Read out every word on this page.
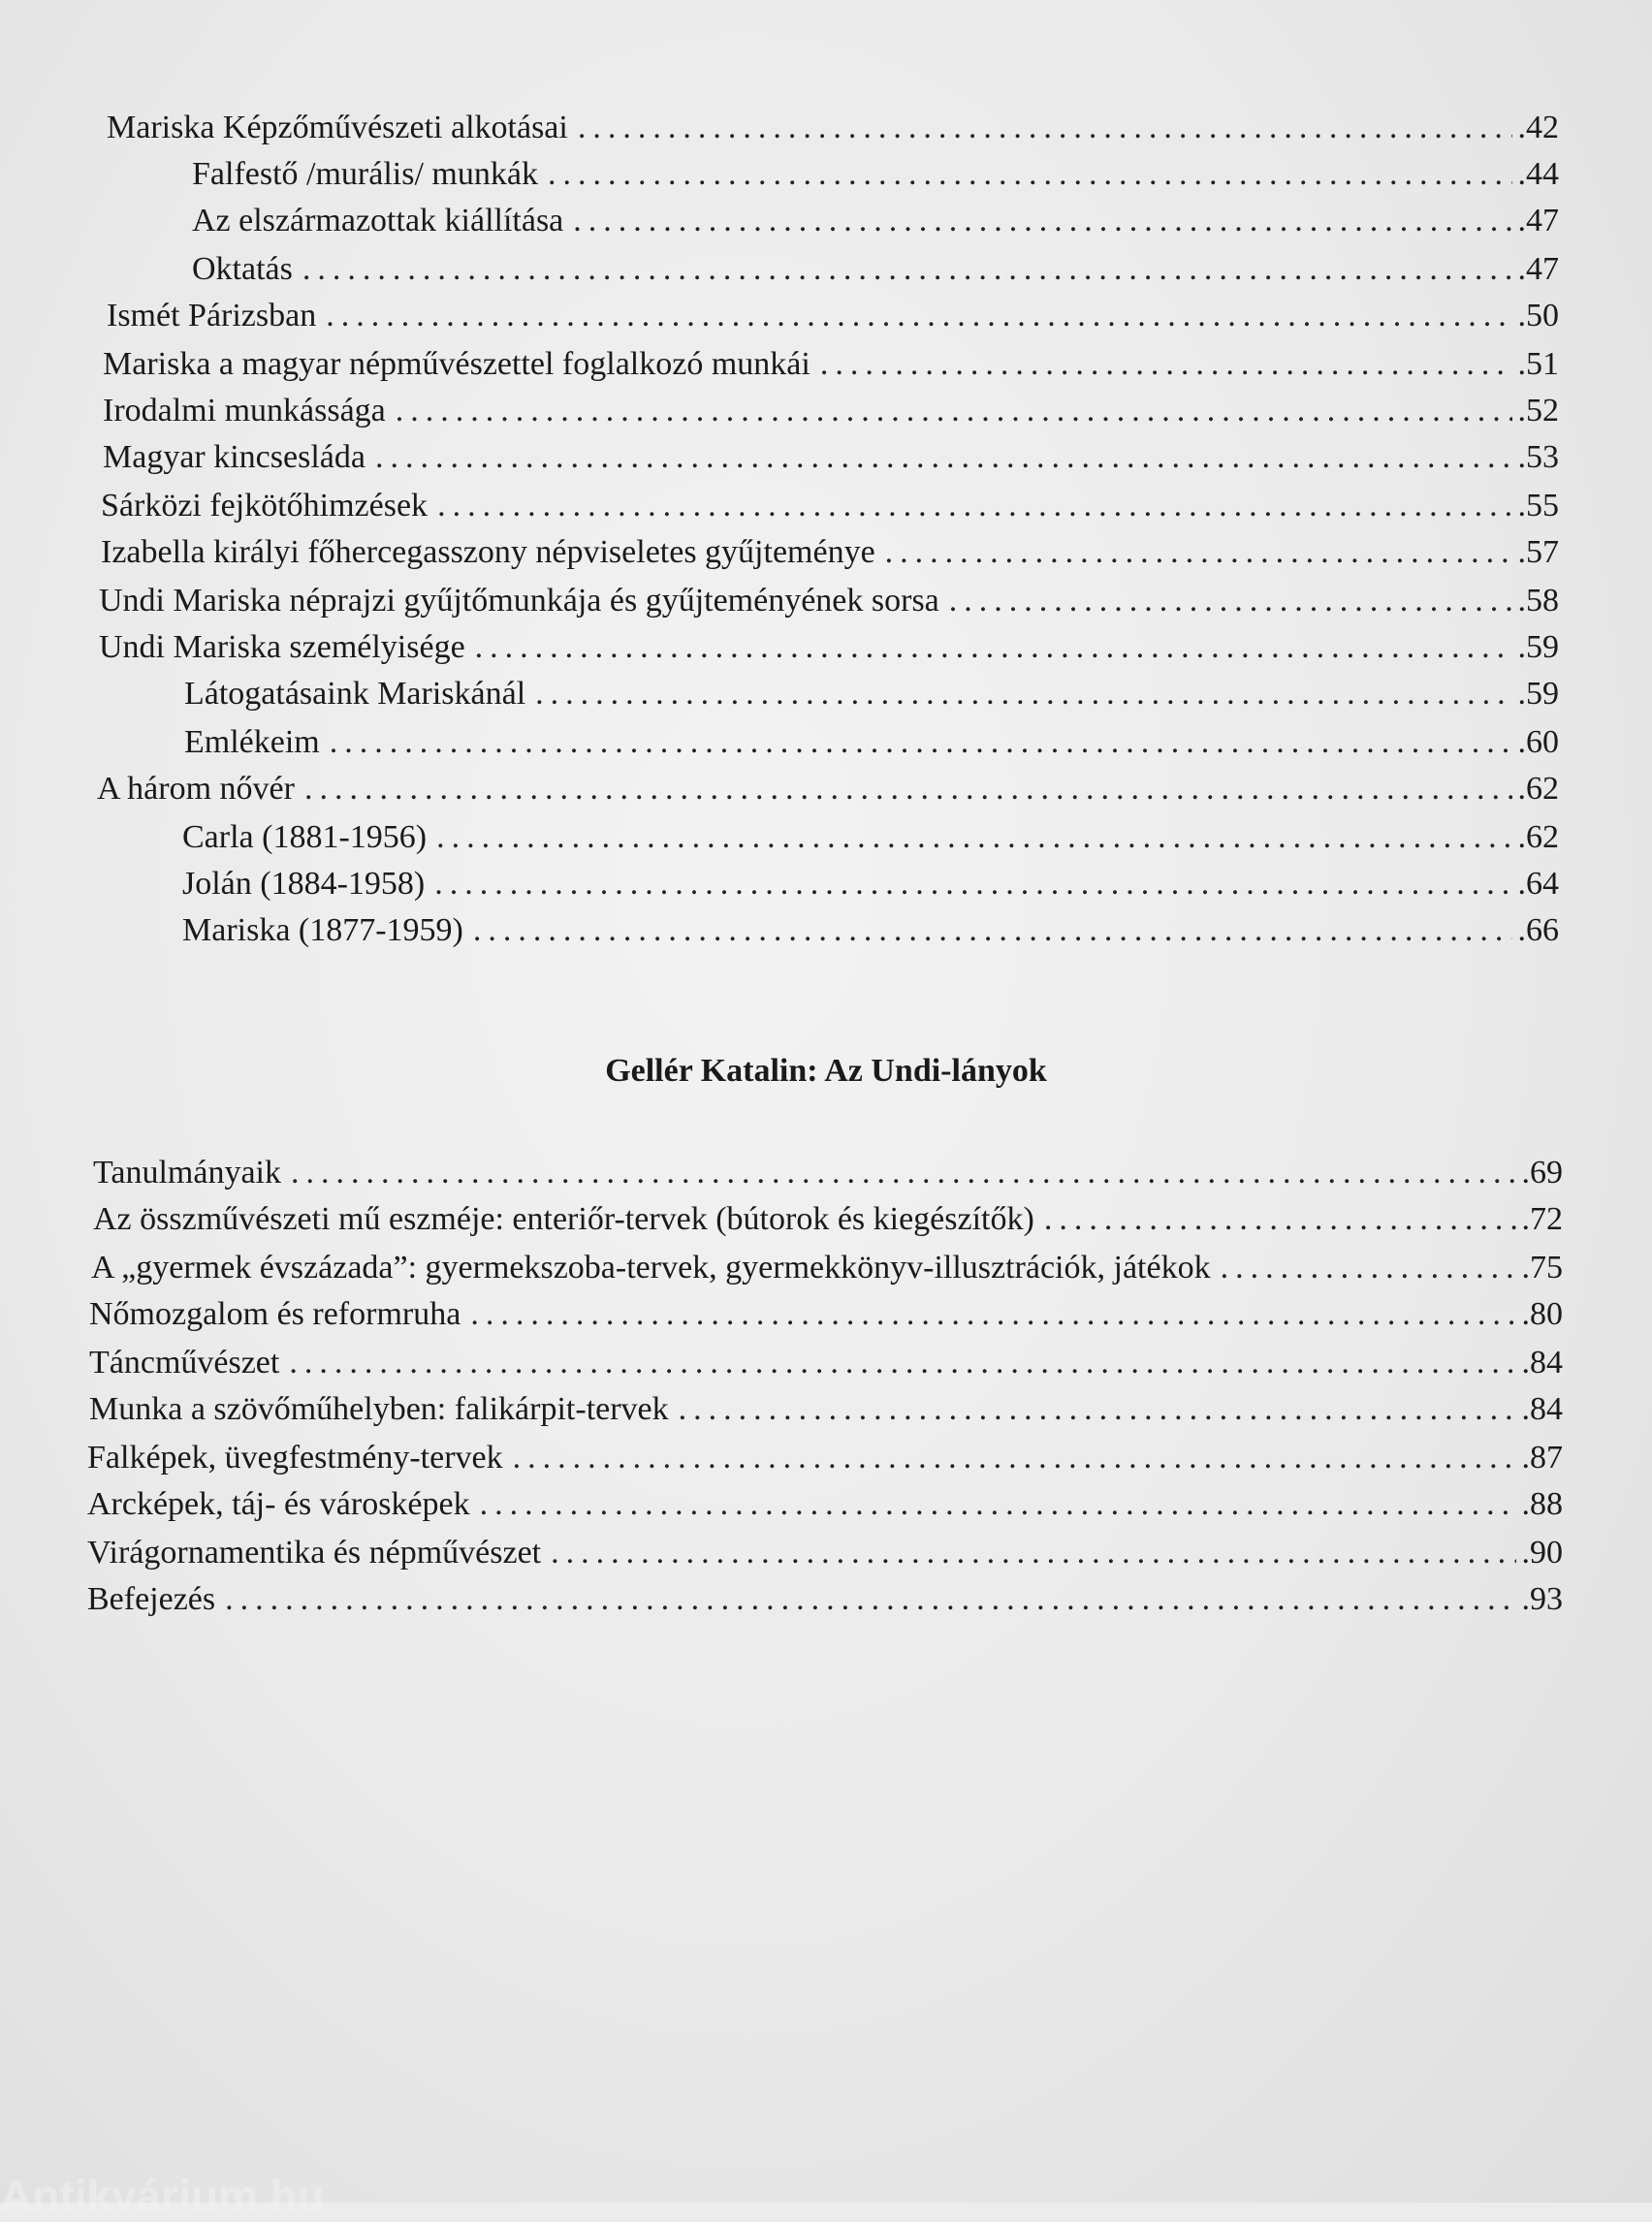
Mariska Képzőművészeti alkotásai .....	.42
Falfestő /murális/ munkák .....	.44
Az elszármazottak kiállítása .....	.47
Oktatás .....	.47
Ismét Párizsban .....	.50
Mariska a magyar népművészettel foglalkozó munkái .....	.51
Irodalmi munkássága .....	.52
Magyar kincsesláda .....	.53
Sárközi fejkötőhimzések .....	.55
Izabella királyi főhercegasszony népviseletes gyűjteménye .....	.57
Undi Mariska néprajzi gyűjtőmunkája és gyűjteményének sorsa .....	.58
Undi Mariska személyisége .....	.59
Látogatásaink Mariskánál .....	.59
Emlékeim .....	.60
A három nővér .....	.62
Carla (1881-1956) .....	.62
Jolán (1884-1958) .....	.64
Mariska (1877-1959) .....	.66
Gellér Katalin: Az Undi-lányok
Tanulmányaik .....	.69
Az összművészeti mű eszméje: enteriőr-tervek (bútorok és kiegészítők) .....	.72
A „gyermek évszázada”: gyermekszoba-tervek, gyermekkönyv-illusztrációk, játékok .....	.75
Nőmozgalom és reformruha .....	.80
Táncművészet .....	.84
Munka a szövőműhelyben: falikárpit-tervek .....	.84
Falképek, üvegfestmény-tervek .....	.87
Arcképek, táj- és városképek .....	.88
Virágornamentika és népművészet .....	.90
Befejezés .....	.93
Antikvárium.hu
